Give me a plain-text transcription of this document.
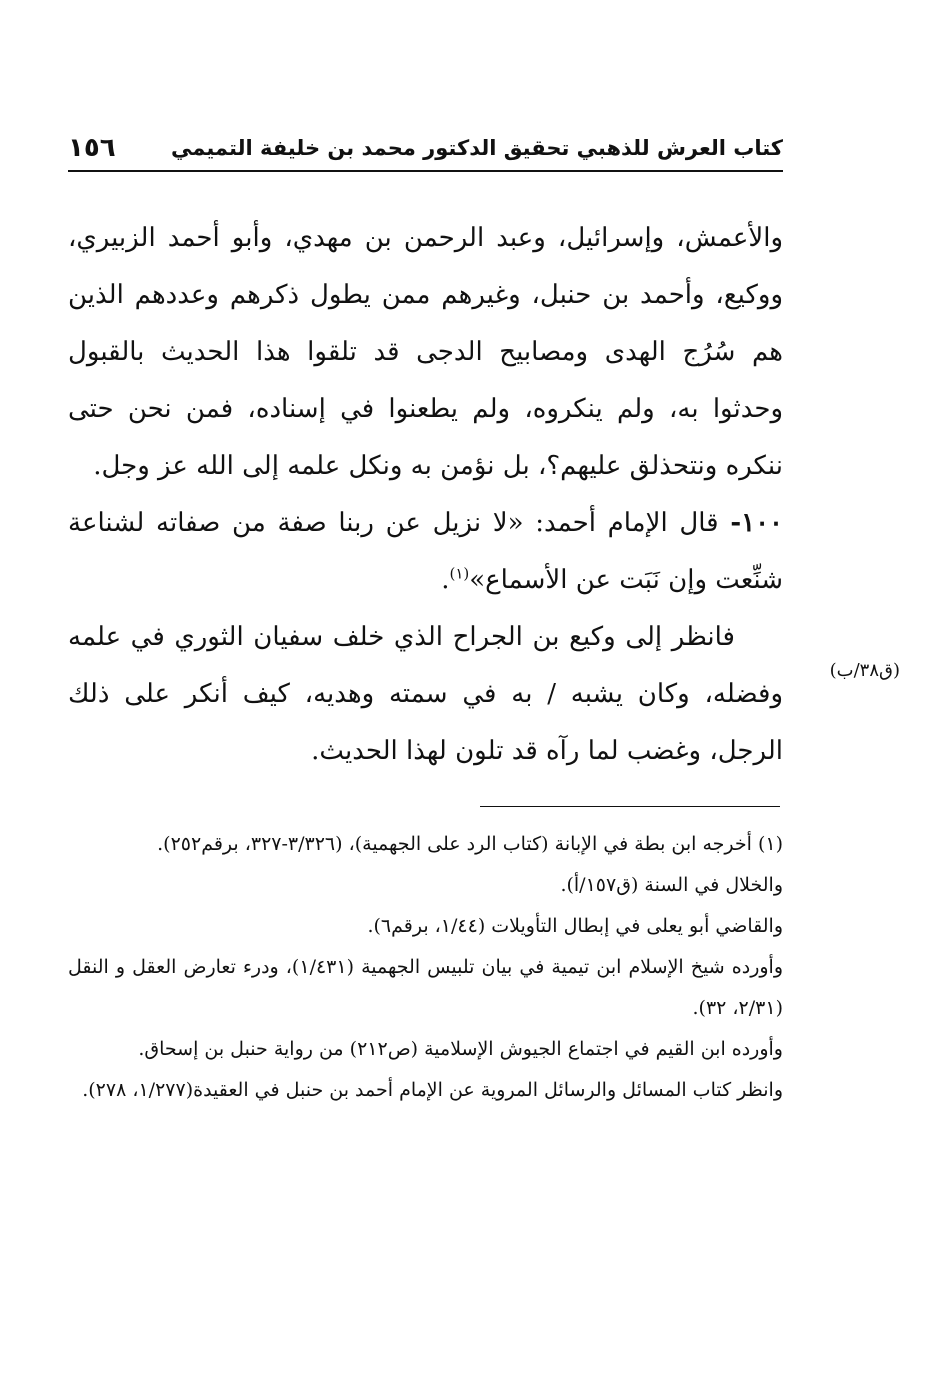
كتاب العرش للذهبي تحقيق الدكتور محمد بن خليفة التميمي
١٥٦

والأعمش، وإسرائيل، وعبد الرحمن بن مهدي، وأبو أحمد الزبيري، ووكيع، وأحمد بن حنبل، وغيرهم ممن يطول ذكرهم وعددهم الذين هم سُرُج الهدى ومصابيح الدجى قد تلقوا هذا الحديث بالقبول وحدثوا به، ولم ينكروه، ولم يطعنوا في إسناده، فمن نحن حتى ننكره ونتحذلق عليهم؟، بل نؤمن به ونكل علمه إلى الله عز وجل.

١٠٠- قال الإمام أحمد: «لا نزيل عن ربنا صفة من صفاته لشناعة شنِّعت وإن نَبَت عن الأسماع»$^{(١)}$.

فانظر إلى وكيع بن الجراح الذي خلف سفيان الثوري في علمه وفضله، وكان يشبه / به في سمته وهديه، كيف أنكر على ذلك الرجل، وغضب لما رآه قد تلون لهذا الحديث.

(ق٣٨/ب)

(١) أخرجه ابن بطة في الإبانة (كتاب الرد على الجهمية)، (٣/٣٢٦-٣٢٧، برقم٢٥٢).

والخلال في السنة (ق١٥٧/أ).

والقاضي أبو يعلى في إبطال التأويلات (١/٤٤، برقم٦).

وأورده شيخ الإسلام ابن تيمية في بيان تلبيس الجهمية (١/٤٣١)، ودرء تعارض العقل و النقل (٢/٣١، ٣٢).

وأورده ابن القيم في اجتماع الجيوش الإسلامية (ص٢١٢) من رواية حنبل بن إسحاق.

وانظر كتاب المسائل والرسائل المروية عن الإمام أحمد بن حنبل في العقيدة(١/٢٧٧، ٢٧٨).
